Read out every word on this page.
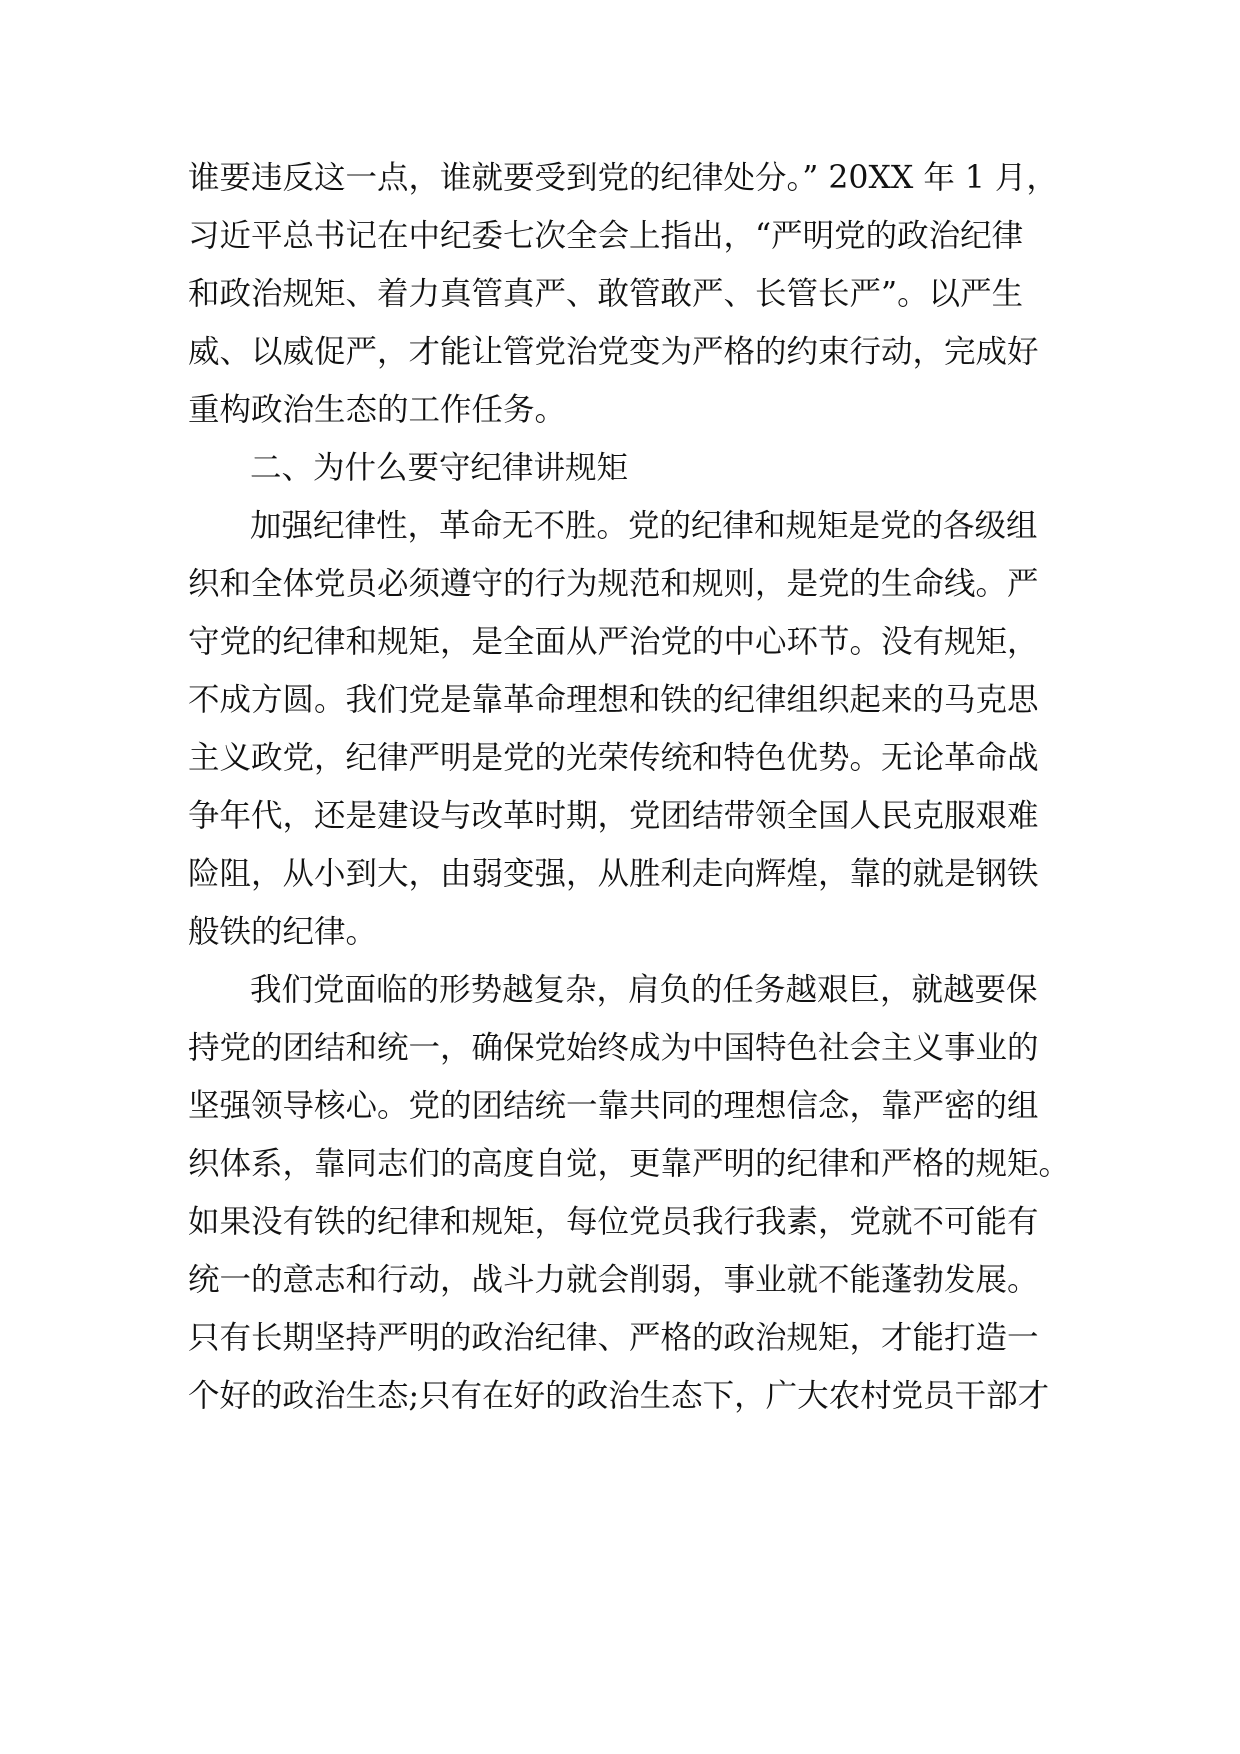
谁要违反这一点，谁就要受到党的纪律处分。” 20XX 年 1 月，

习近平总书记在中纪委七次全会上指出，“严明党的政治纪律

和政治规矩、着力真管真严、敢管敢严、长管长严”。以严生

威、以威促严，才能让管党治党变为严格的约束行动，完成好

重构政治生态的工作任务。

二、为什么要守纪律讲规矩

加强纪律性，革命无不胜。党的纪律和规矩是党的各级组

织和全体党员必须遵守的行为规范和规则，是党的生命线。严

守党的纪律和规矩，是全面从严治党的中心环节。没有规矩，

不成方圆。我们党是靠革命理想和铁的纪律组织起来的马克思

主义政党，纪律严明是党的光荣传统和特色优势。无论革命战

争年代，还是建设与改革时期，党团结带领全国人民克服艰难

险阻，从小到大，由弱变强，从胜利走向辉煌，靠的就是钢铁

般铁的纪律。

我们党面临的形势越复杂，肩负的任务越艰巨，就越要保

持党的团结和统一，确保党始终成为中国特色社会主义事业的

坚强领导核心。党的团结统一靠共同的理想信念，靠严密的组

织体系，靠同志们的高度自觉，更靠严明的纪律和严格的规矩。

如果没有铁的纪律和规矩，每位党员我行我素，党就不可能有

统一的意志和行动，战斗力就会削弱，事业就不能蓬勃发展。

只有长期坚持严明的政治纪律、严格的政治规矩，才能打造一

个好的政治生态;只有在好的政治生态下，广大农村党员干部才
